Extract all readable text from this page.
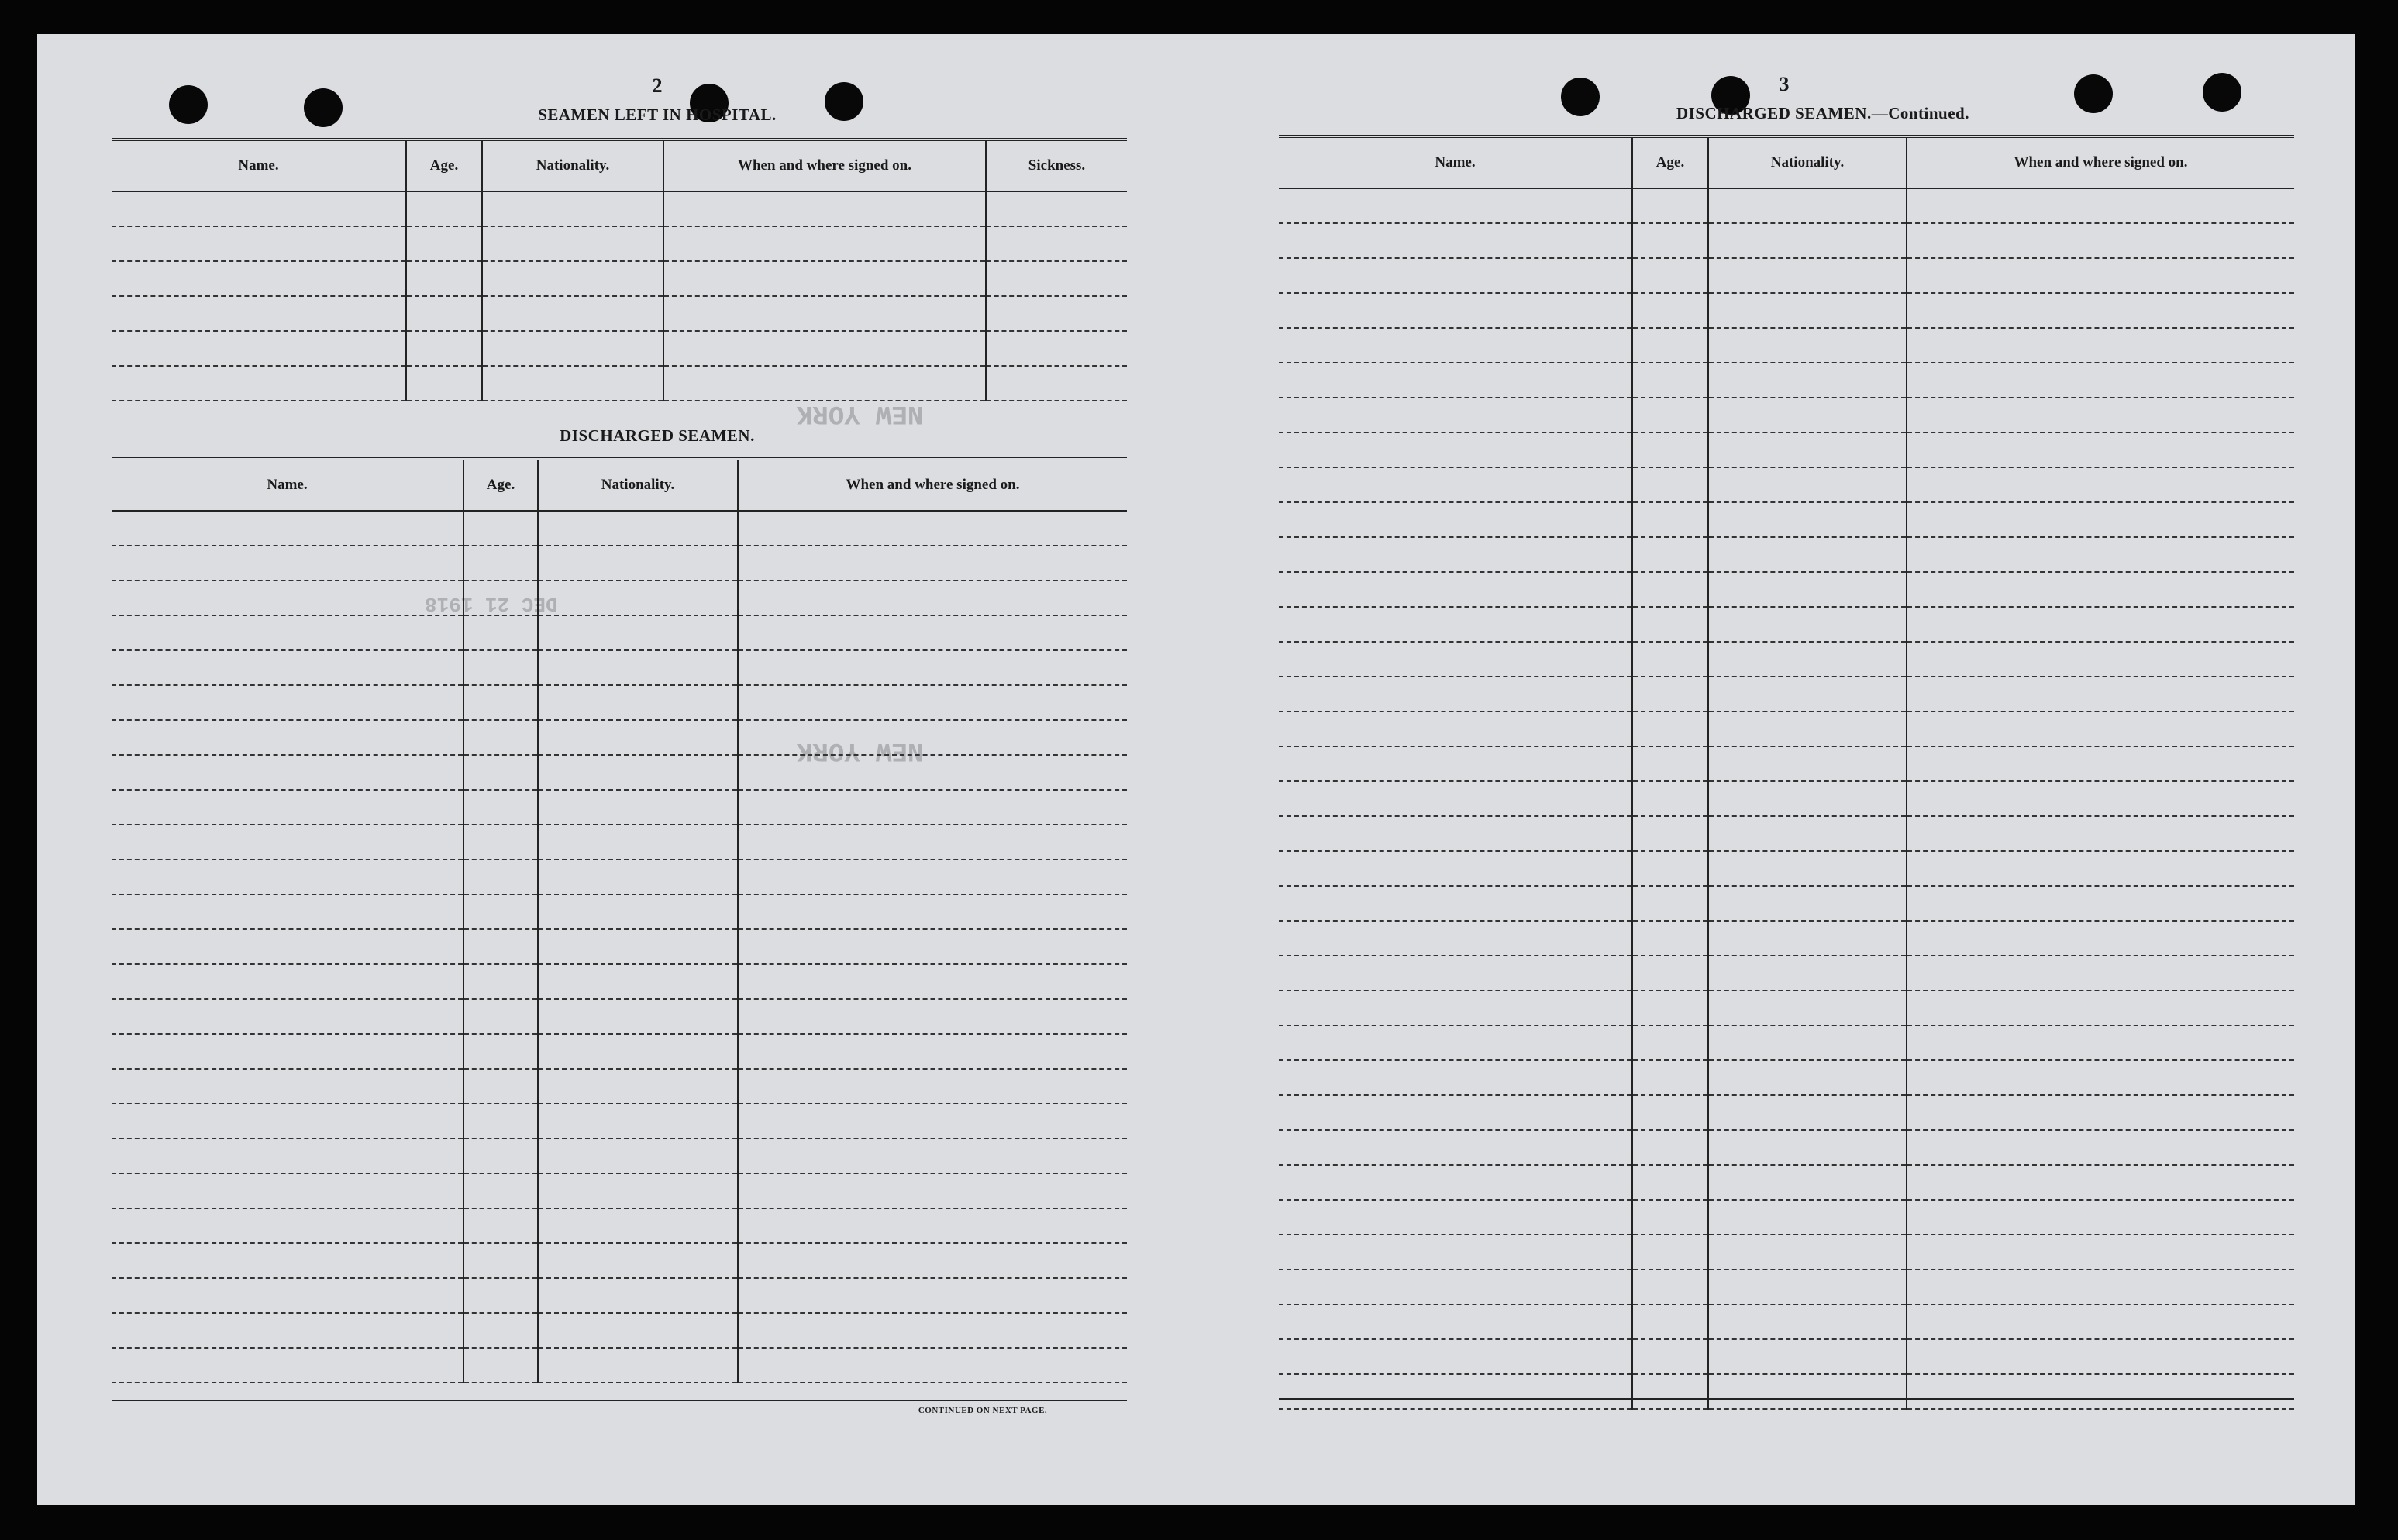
NEW YORK
DEC 21 1918
NEW YORK
2
SEAMEN LEFT IN HOSPITAL.
Name.	Age.	Nationality.	When and where signed on.	Sickness.

DISCHARGED SEAMEN.
Name.	Age.	Nationality.	When and where signed on.

CONTINUED ON NEXT PAGE.
3
DISCHARGED SEAMEN.—Continued.
Name.	Age.	Nationality.	When and where signed on.
